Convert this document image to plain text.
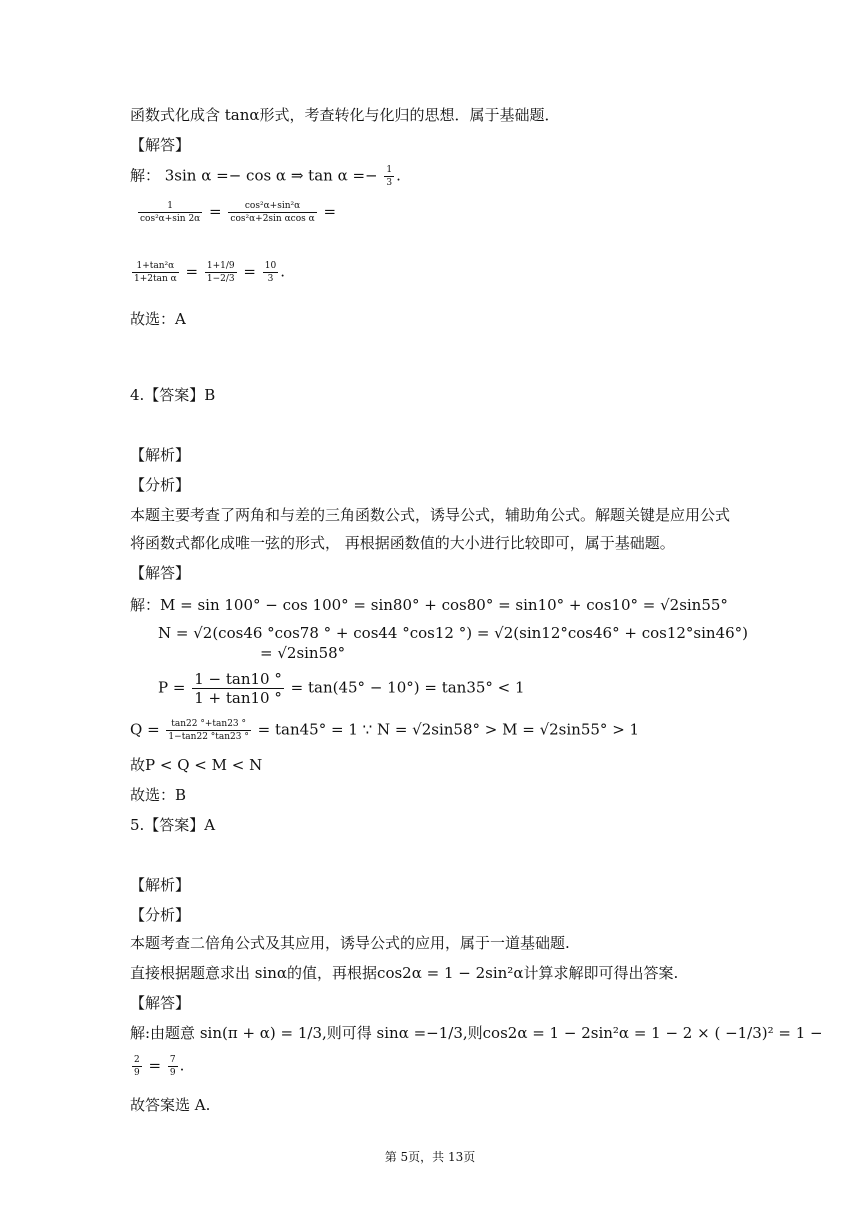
函数式化成含 tanα形式，考查转化与化归的思想．属于基础题．
【解答】
解： 3sin α =− cos α ⇒ $\tan \alpha =- \frac{1}{3}$ .
$\frac{1}{\text{cos²α+sin 2α}} = \frac{\text{cos²α+sin²α}}{\text{cos²α+2sin αcos α}}$ =
$\frac{\text{1+tan²α}}{\text{1+2tan α}} = \frac{1+1/9}{1-2/3} = \frac{10}{3}$ .
故选：A
4.【答案】B
【解析】
【分析】
本题主要考查了两角和与差的三角函数公式，诱导公式，辅助角公式。解题关键是应用公式
将函数式都化成唯一弦的形式， 再根据函数值的大小进行比较即可，属于基础题。
【解答】
解：M = sin 100° − cos 100° = sin80° + cos80° = sin10° + cos10° = √2sin55°
N = √2(cos46 °cos78 ° + cos44 °cos12 °) = √2(sin12°cos46° + cos12°sin46°)
= √2sin58°
$P = \frac{1 - \tan 10 ^\circ}{1 + \tan 10 ^\circ} = \tan(45^\circ - 10^\circ) = \tan 35^\circ < 1$
$Q = \frac{\tan 22 ^\circ+\tan 23 ^\circ}{1-\tan 22 ^\circ\tan 23 ^\circ} = \tan 45^\circ = 1$ ∵ N = √2sin58° > M = √2sin55° > 1
故P < Q < M < N
故选：B
5.【答案】A
【解析】
【分析】
本题考查二倍角公式及其应用，诱导公式的应用，属于一道基础题.
直接根据题意求出 sinα的值，再根据cos2α = 1 − 2sin²α计算求解即可得出答案.
【解答】
解:由题意 sin(π + α) = 1/3,则可得 sinα =−1/3,则cos2α = 1 − 2sin²α = 1 − 2 × ( −1/3)² = 1 −
$\frac{2}{9} = \frac{7}{9}$ .
故答案选 A.
第 5页，共 13页
